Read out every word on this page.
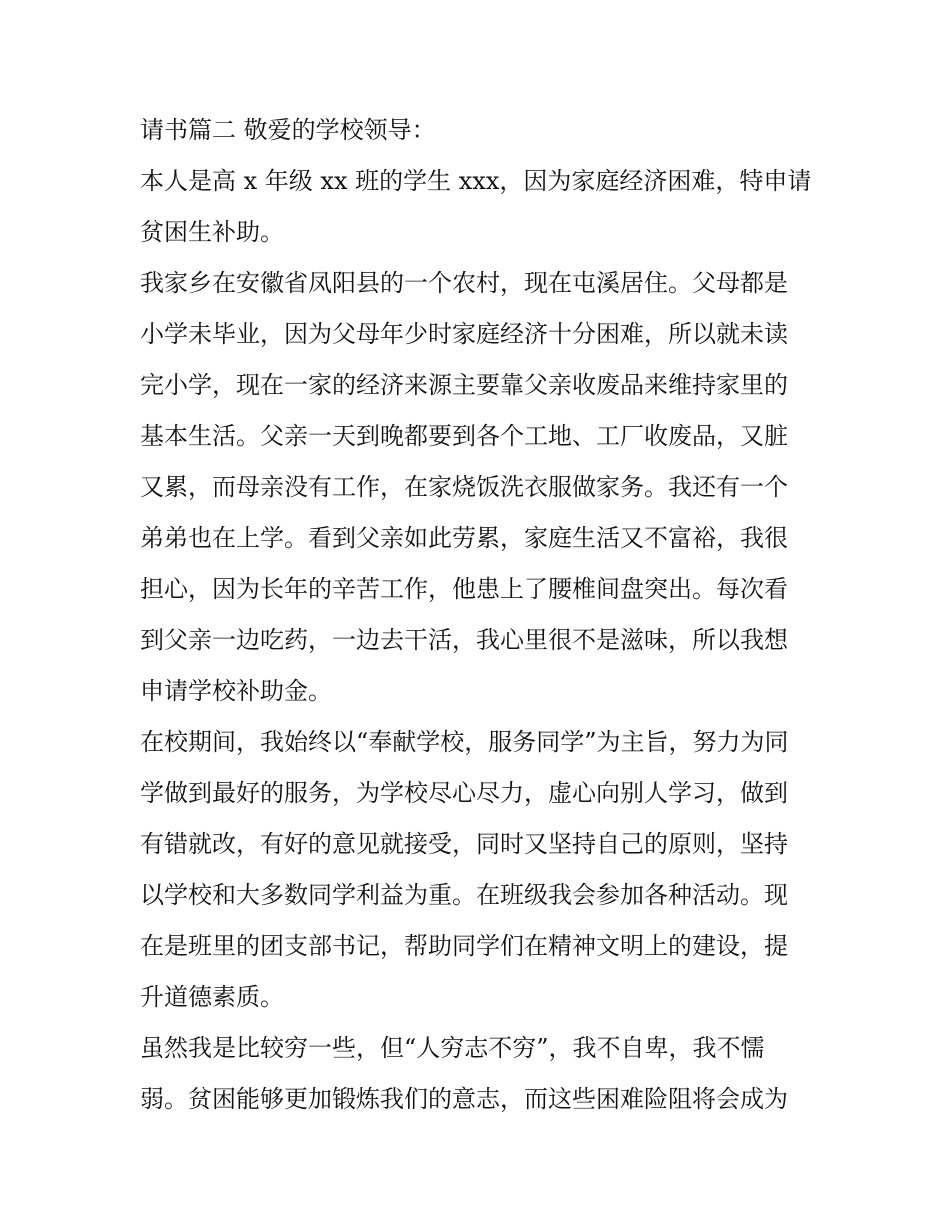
请书篇二 敬爱的学校领导：
本人是高 x 年级 xx 班的学生 xxx，因为家庭经济困难，特申请
贫困生补助。
我家乡在安徽省凤阳县的一个农村，现在屯溪居住。父母都是
小学未毕业，因为父母年少时家庭经济十分困难，所以就未读
完小学，现在一家的经济来源主要靠父亲收废品来维持家里的
基本生活。父亲一天到晚都要到各个工地、工厂收废品，又脏
又累，而母亲没有工作，在家烧饭洗衣服做家务。我还有一个
弟弟也在上学。看到父亲如此劳累，家庭生活又不富裕，我很
担心，因为长年的辛苦工作，他患上了腰椎间盘突出。每次看
到父亲一边吃药，一边去干活，我心里很不是滋味，所以我想
申请学校补助金。
在校期间，我始终以“奉献学校，服务同学”为主旨，努力为同
学做到最好的服务，为学校尽心尽力，虚心向别人学习，做到
有错就改，有好的意见就接受，同时又坚持自己的原则，坚持
以学校和大多数同学利益为重。在班级我会参加各种活动。现
在是班里的团支部书记，帮助同学们在精神文明上的建设，提
升道德素质。
虽然我是比较穷一些，但“人穷志不穷”，我不自卑，我不懦
弱。贫困能够更加锻炼我们的意志，而这些困难险阻将会成为
